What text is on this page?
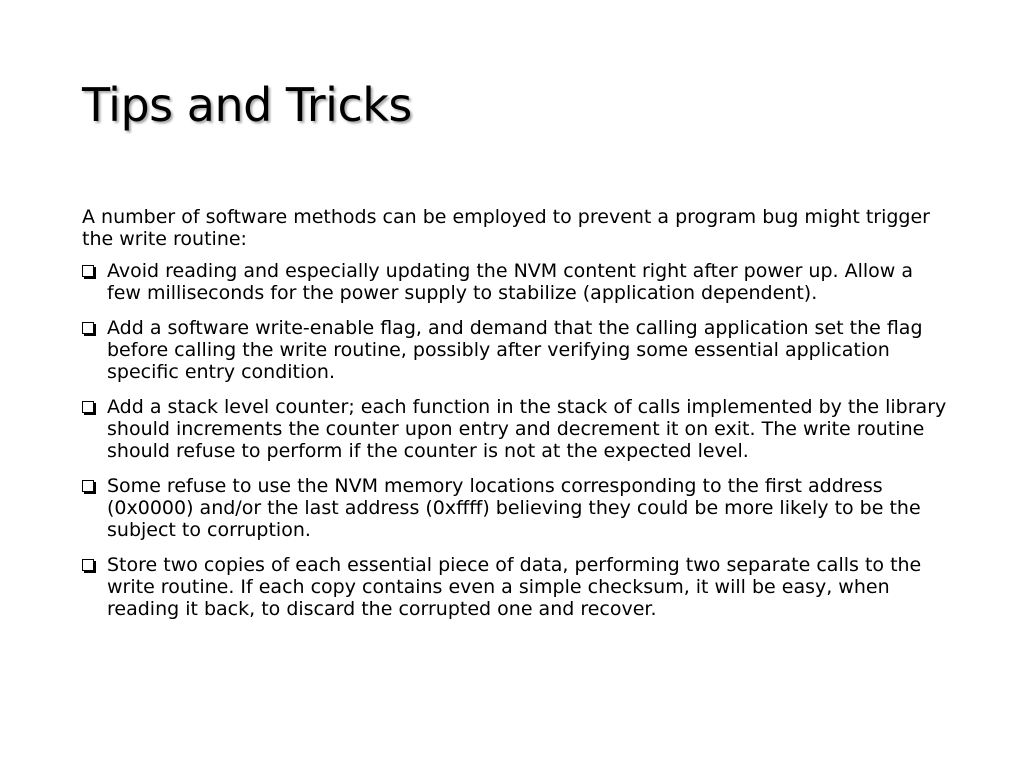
Tips and Tricks

A number of software methods can be employed to prevent a program bug might trigger the write routine:

Avoid reading and especially updating the NVM content right after power up. Allow a few milliseconds for the power supply to stabilize (application dependent).
Add a software write-enable flag, and demand that the calling application set the flag before calling the write routine, possibly after verifying some essential application specific entry condition.
Add a stack level counter; each function in the stack of calls implemented by the library should increments the counter upon entry and decrement it on exit. The write routine should refuse to perform if the counter is not at the expected level.
Some refuse to use the NVM memory locations corresponding to the first address (0x0000) and/or the last address (0xffff) believing they could be more likely to be the subject to corruption.
Store two copies of each essential piece of data, performing two separate calls to the write routine. If each copy contains even a simple checksum, it will be easy, when reading it back, to discard the corrupted one and recover.
